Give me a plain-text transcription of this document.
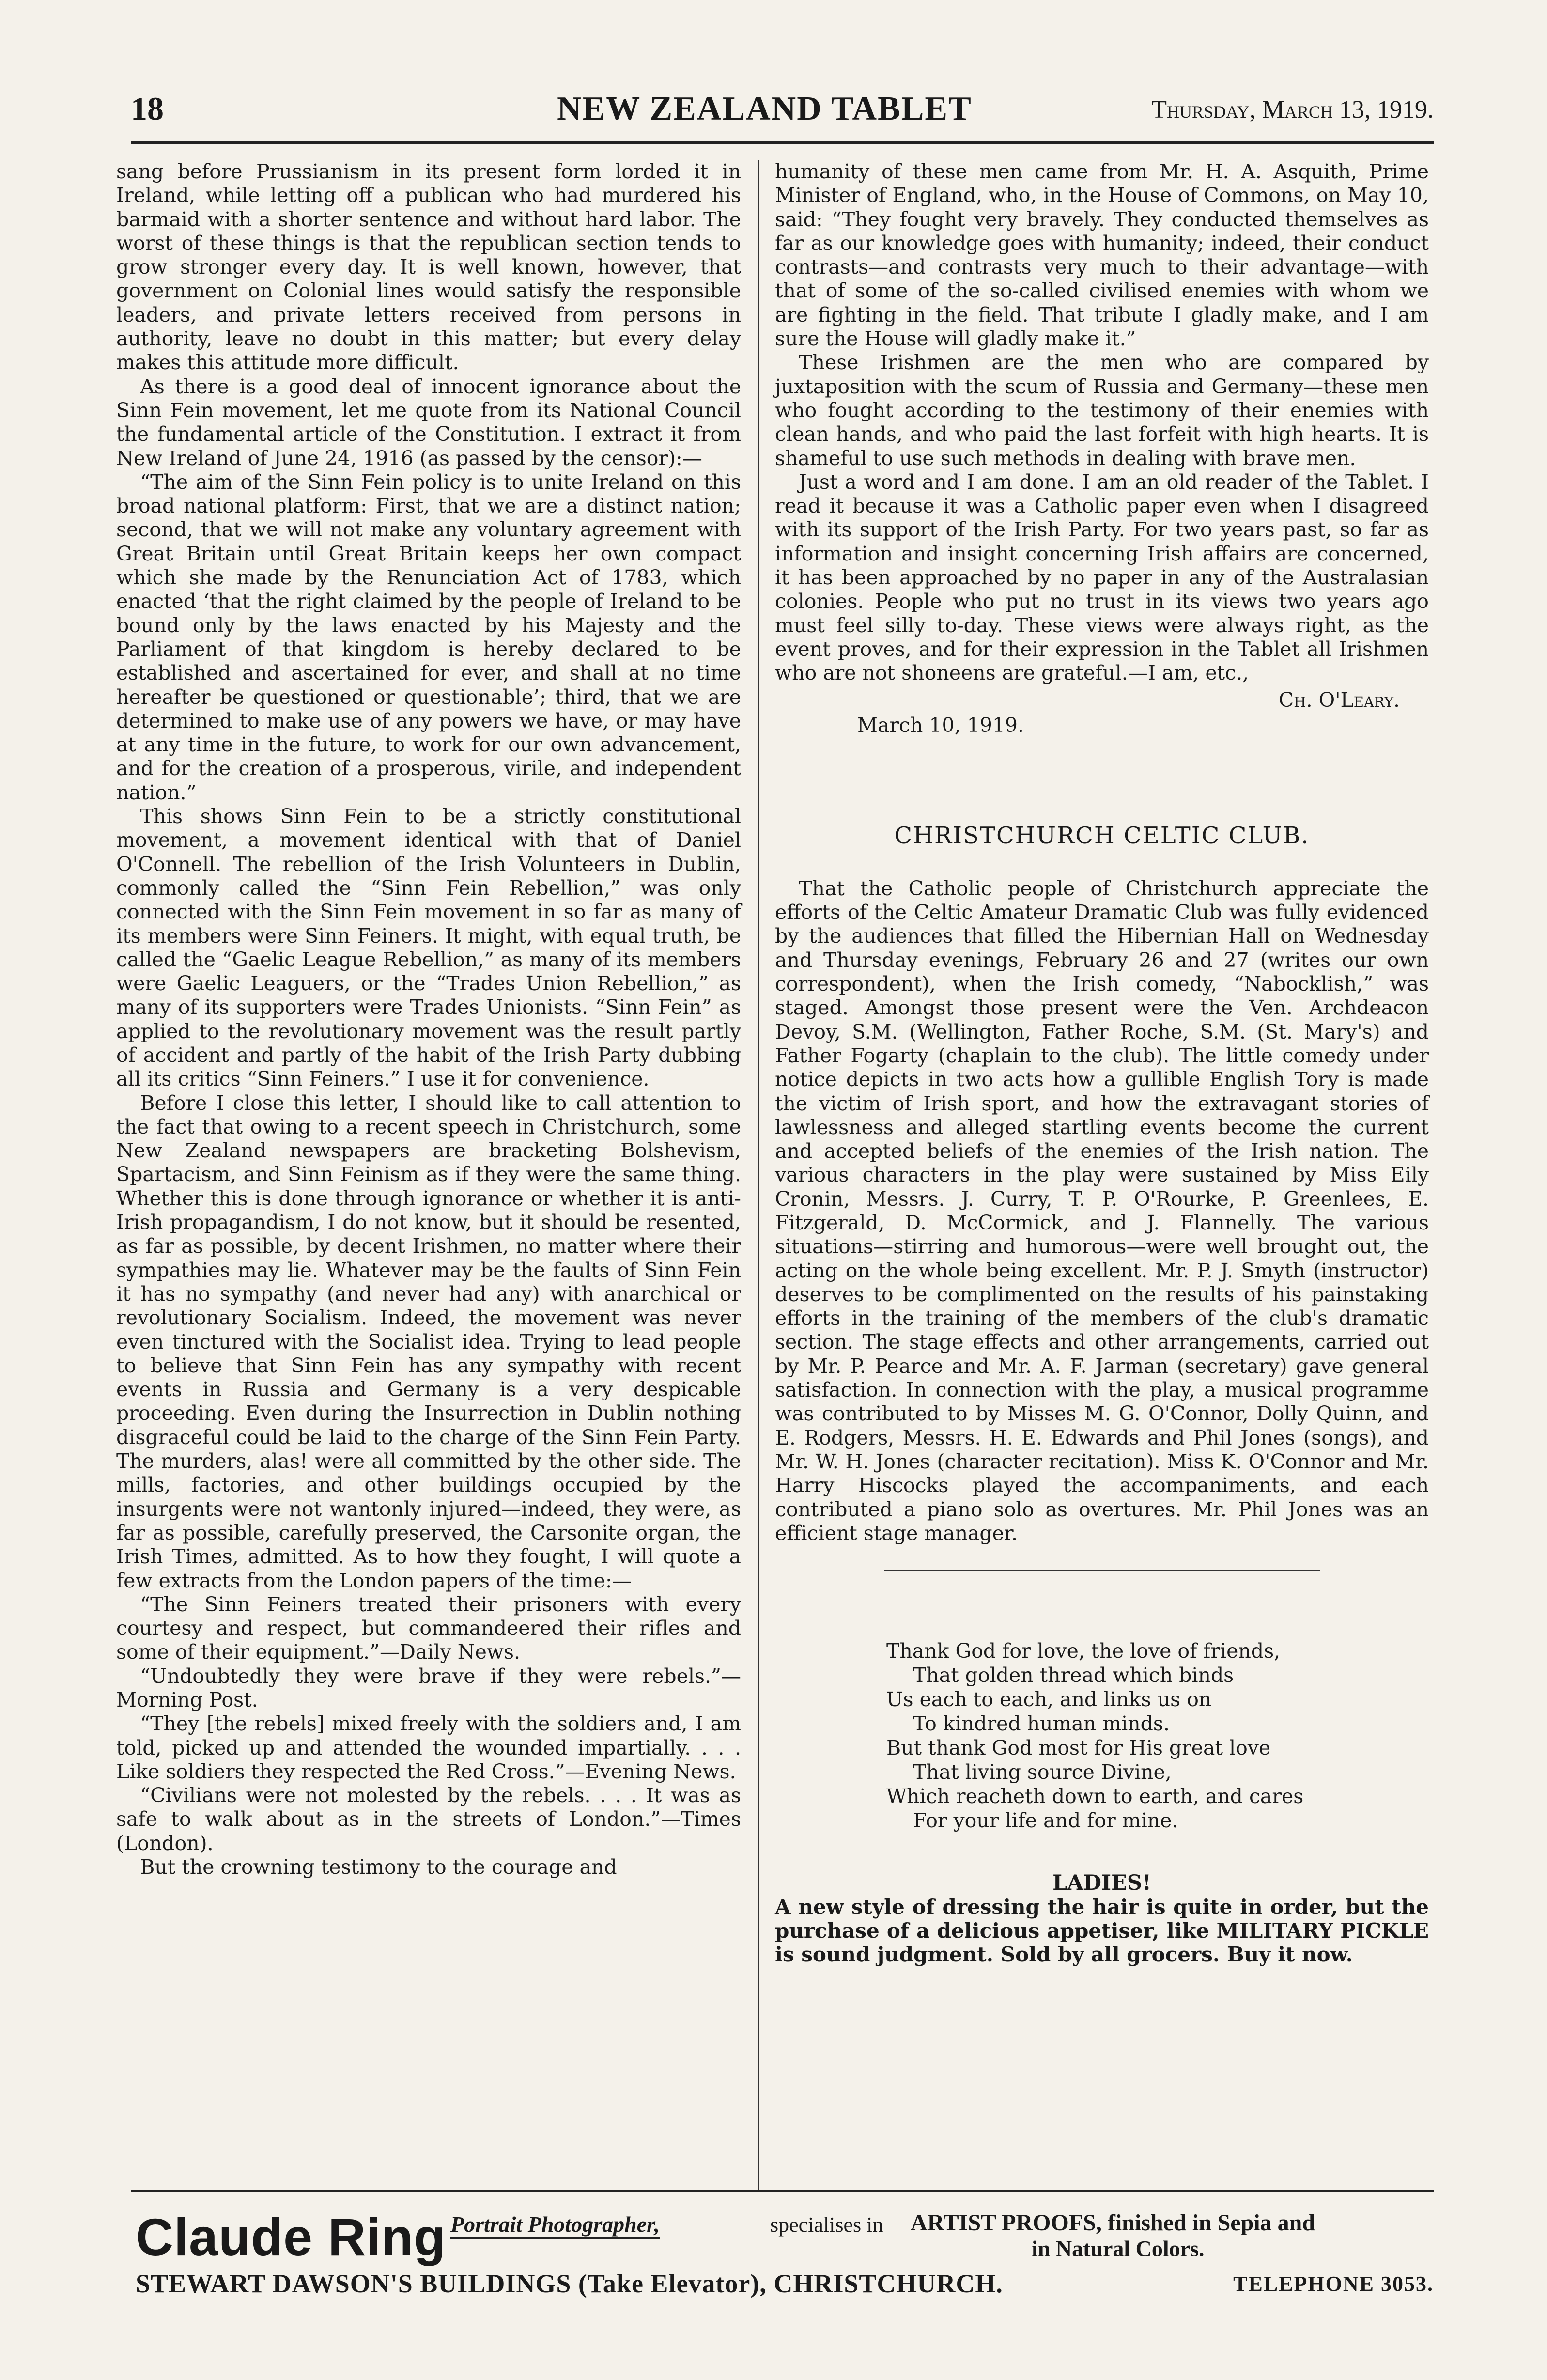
18	NEW ZEALAND TABLET	Thursday, March 13, 1919.

sang before Prussianism in its present form lorded it in Ireland, while letting off a publican who had murdered his barmaid with a shorter sentence and without hard labor. The worst of these things is that the republican section tends to grow stronger every day. It is well known, however, that government on Colonial lines would satisfy the responsible leaders, and private letters received from persons in authority, leave no doubt in this matter; but every delay makes this attitude more difficult.

As there is a good deal of innocent ignorance about the Sinn Fein movement, let me quote from its National Council the fundamental article of the Constitution. I extract it from New Ireland of June 24, 1916 (as passed by the censor):—

“The aim of the Sinn Fein policy is to unite Ireland on this broad national platform: First, that we are a distinct nation; second, that we will not make any voluntary agreement with Great Britain until Great Britain keeps her own compact which she made by the Renunciation Act of 1783, which enacted ‘that the right claimed by the people of Ireland to be bound only by the laws enacted by his Majesty and the Parliament of that kingdom is hereby declared to be established and ascertained for ever, and shall at no time hereafter be questioned or questionable’; third, that we are determined to make use of any powers we have, or may have at any time in the future, to work for our own advancement, and for the creation of a prosperous, virile, and independent nation.”

This shows Sinn Fein to be a strictly constitutional movement, a movement identical with that of Daniel O'Connell. The rebellion of the Irish Volunteers in Dublin, commonly called the “Sinn Fein Rebellion,” was only connected with the Sinn Fein movement in so far as many of its members were Sinn Feiners. It might, with equal truth, be called the “Gaelic League Rebellion,” as many of its members were Gaelic Leaguers, or the “Trades Union Rebellion,” as many of its supporters were Trades Unionists. “Sinn Fein” as applied to the revolutionary movement was the result partly of accident and partly of the habit of the Irish Party dubbing all its critics “Sinn Feiners.” I use it for convenience.

Before I close this letter, I should like to call attention to the fact that owing to a recent speech in Christchurch, some New Zealand newspapers are bracketing Bolshevism, Spartacism, and Sinn Feinism as if they were the same thing. Whether this is done through ignorance or whether it is anti-Irish propagandism, I do not know, but it should be resented, as far as possible, by decent Irishmen, no matter where their sympathies may lie. Whatever may be the faults of Sinn Fein it has no sympathy (and never had any) with anarchical or revolutionary Socialism. Indeed, the movement was never even tinctured with the Socialist idea. Trying to lead people to believe that Sinn Fein has any sympathy with recent events in Russia and Germany is a very despicable proceeding. Even during the Insurrection in Dublin nothing disgraceful could be laid to the charge of the Sinn Fein Party. The murders, alas! were all committed by the other side. The mills, factories, and other buildings occupied by the insurgents were not wantonly injured—indeed, they were, as far as possible, carefully preserved, the Carsonite organ, the Irish Times, admitted. As to how they fought, I will quote a few extracts from the London papers of the time:—

“The Sinn Feiners treated their prisoners with every courtesy and respect, but commandeered their rifles and some of their equipment.”—Daily News.

“Undoubtedly they were brave if they were rebels.”—Morning Post.

“They [the rebels] mixed freely with the soldiers and, I am told, picked up and attended the wounded impartially. . . . Like soldiers they respected the Red Cross.”—Evening News.

“Civilians were not molested by the rebels. . . . It was as safe to walk about as in the streets of London.”—Times (London).

But the crowning testimony to the courage and

humanity of these men came from Mr. H. A. Asquith, Prime Minister of England, who, in the House of Commons, on May 10, said: “They fought very bravely. They conducted themselves as far as our knowledge goes with humanity; indeed, their conduct contrasts—and contrasts very much to their advantage—with that of some of the so-called civilised enemies with whom we are fighting in the field. That tribute I gladly make, and I am sure the House will gladly make it.”

These Irishmen are the men who are compared by juxtaposition with the scum of Russia and Germany—these men who fought according to the testimony of their enemies with clean hands, and who paid the last forfeit with high hearts. It is shameful to use such methods in dealing with brave men.

Just a word and I am done. I am an old reader of the Tablet. I read it because it was a Catholic paper even when I disagreed with its support of the Irish Party. For two years past, so far as information and insight concerning Irish affairs are concerned, it has been approached by no paper in any of the Australasian colonies. People who put no trust in its views two years ago must feel silly to-day. These views were always right, as the event proves, and for their expression in the Tablet all Irishmen who are not shoneens are grateful.—I am, etc.,

Ch. O'Leary.
March 10, 1919.
CHRISTCHURCH CELTIC CLUB.

That the Catholic people of Christchurch appreciate the efforts of the Celtic Amateur Dramatic Club was fully evidenced by the audiences that filled the Hibernian Hall on Wednesday and Thursday evenings, February 26 and 27 (writes our own correspondent), when the Irish comedy, “Nabocklish,” was staged. Amongst those present were the Ven. Archdeacon Devoy, S.M. (Wellington, Father Roche, S.M. (St. Mary's) and Father Fogarty (chaplain to the club). The little comedy under notice depicts in two acts how a gullible English Tory is made the victim of Irish sport, and how the extravagant stories of lawlessness and alleged startling events become the current and accepted beliefs of the enemies of the Irish nation. The various characters in the play were sustained by Miss Eily Cronin, Messrs. J. Curry, T. P. O'Rourke, P. Greenlees, E. Fitzgerald, D. McCormick, and J. Flannelly. The various situations—stirring and humorous—were well brought out, the acting on the whole being excellent. Mr. P. J. Smyth (instructor) deserves to be complimented on the results of his painstaking efforts in the training of the members of the club's dramatic section. The stage effects and other arrangements, carried out by Mr. P. Pearce and Mr. A. F. Jarman (secretary) gave general satisfaction. In connection with the play, a musical programme was contributed to by Misses M. G. O'Connor, Dolly Quinn, and E. Rodgers, Messrs. H. E. Edwards and Phil Jones (songs), and Mr. W. H. Jones (character recitation). Miss K. O'Connor and Mr. Harry Hiscocks played the accompaniments, and each contributed a piano solo as overtures. Mr. Phil Jones was an efficient stage manager.

Thank God for love, the love of friends,
That golden thread which binds
Us each to each, and links us on
To kindred human minds.
But thank God most for His great love
That living source Divine,
Which reacheth down to earth, and cares
For your life and for mine.
LADIES!
A new style of dressing the hair is quite in order, but the purchase of a delicious appetiser, like MILITARY PICKLE is sound judgment. Sold by all grocers. Buy it now.
Claude Ring Portrait Photographer,	specialises in ARTIST PROOFS, finished in Sepia and
in Natural Colors.
STEWART DAWSON'S BUILDINGS (Take Elevator), CHRISTCHURCH.	TELEPHONE 3053.
